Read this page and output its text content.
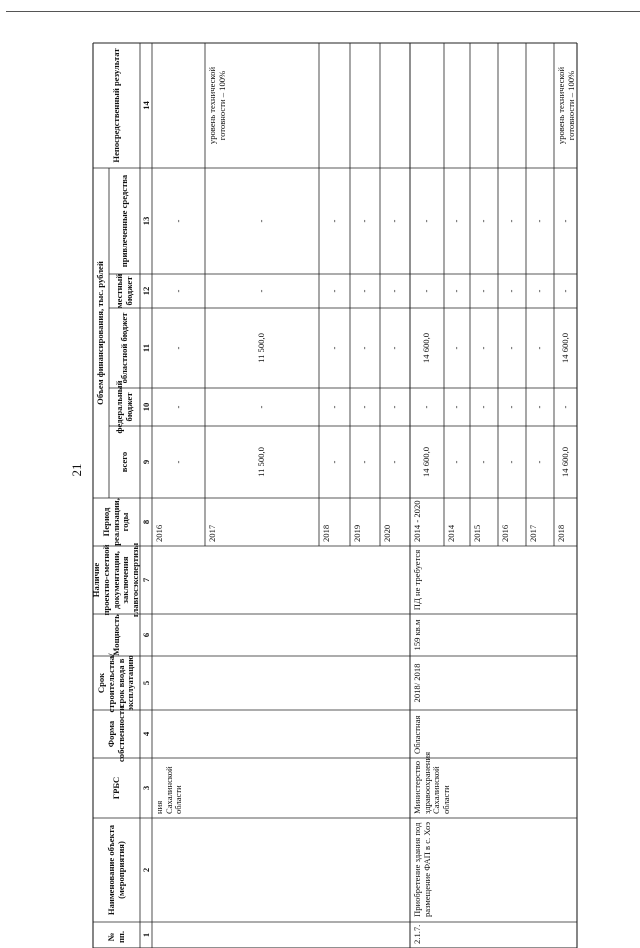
21
№ пп.
Наименование объекта (мероприятия)
ГРБС
Форма собственности
Срок строительства/срок ввода в эксплуатацию
Мощность
Наличие проектно-сметной документации, заключения главгосэкспертизы
Период реализации, годы
Объем финансирования, тыс. рублей
всего
федеральный бюджет
областной бюджет
местный бюджет
привлеченные средства
Непосредственный результат
1
2
3
4
5
6
7
8
9
10
11
12
13
14
ния Сахалинской области
2016
-
-
-
-
-
2017
11 500,0
-
11 500,0
-
-
уровень технической готовности – 100%
2018
-
-
-
-
-
2019
-
-
-
-
-
2020
-
-
-
-
-
2.1.7.
Приобретение здания под размещение ФАП в с. Хоэ
Министерство здравоохранения Сахалинской области
Областная
2018/ 2018
159 кв.м
ПД не требуется
2014 - 2020
14 600,0
-
14 600,0
-
-
2014
-
-
-
-
-
2015
-
-
-
-
-
2016
-
-
-
-
-
2017
-
-
-
-
-
2018
14 600,0
-
14 600,0
-
-
уровень технической готовности – 100%
